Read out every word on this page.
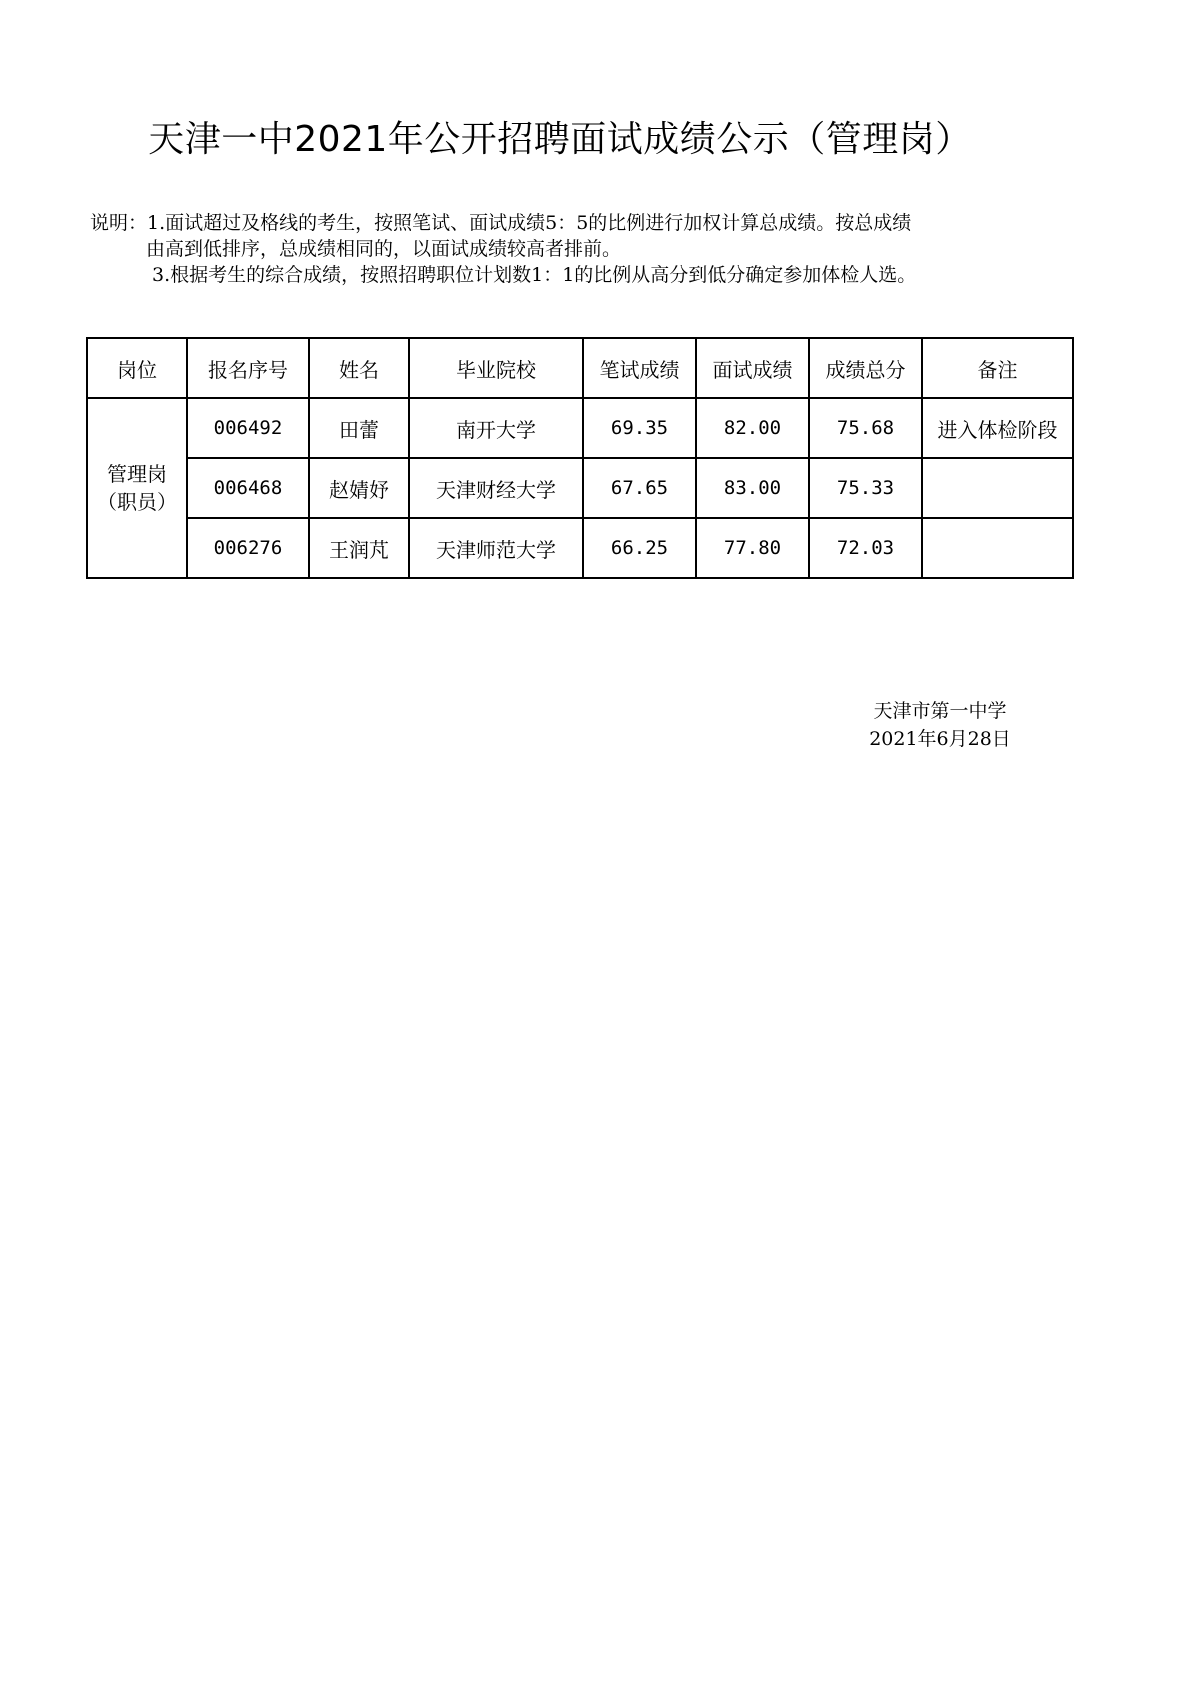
天津一中2021年公开招聘面试成绩公示（管理岗）
说明：1.面试超过及格线的考生，按照笔试、面试成绩5：5的比例进行加权计算总成绩。按总成绩
由高到低排序，总成绩相同的，以面试成绩较高者排前。
3.根据考生的综合成绩，按照招聘职位计划数1：1的比例从高分到低分确定参加体检人选。
岗位	报名序号	姓名	毕业院校	笔试成绩	面试成绩	成绩总分	备注

管理岗
（职员）	006492	田蕾	南开大学	69.35	82.00	75.68	进入体检阶段
	006468	赵婧妤	天津财经大学	67.65	83.00	75.33	
	006276	王润芃	天津师范大学	66.25	77.80	72.03	
天津市第一中学
2021年6月28日
